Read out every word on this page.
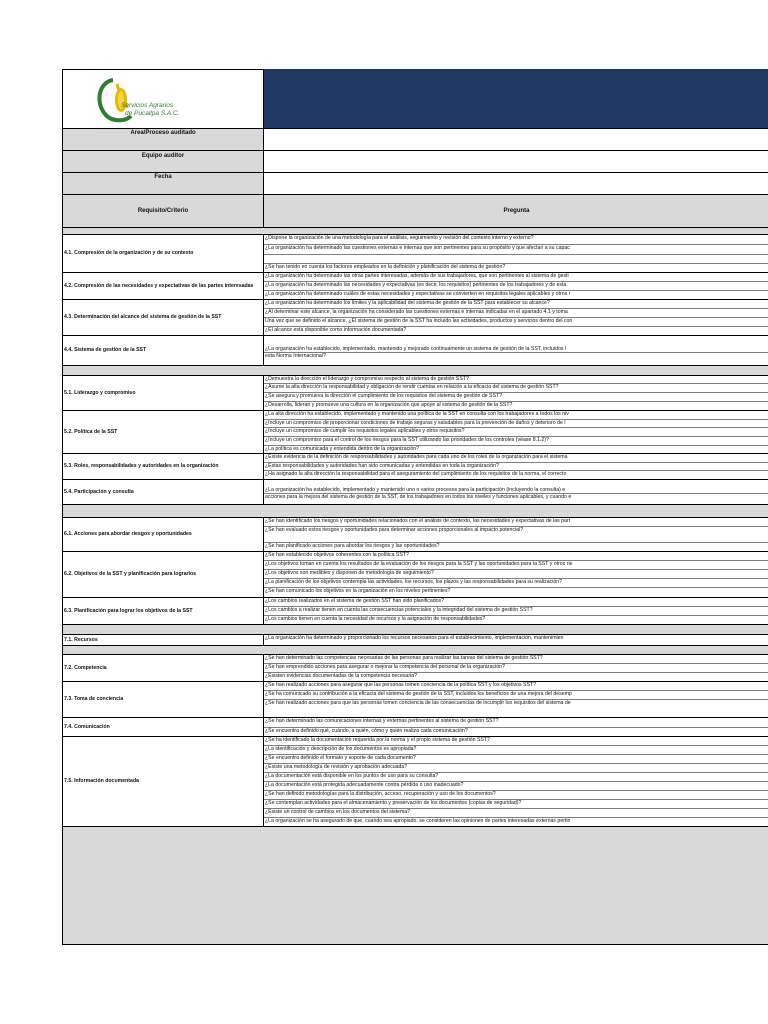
Servicios Agrarios
de Pucallpa S.A.C.
Area/Proceso auditado
Equipo auditor
Fecha
Requisito/Criterio	Pregunta
4.1. Compresión de la organización y de su contexto
¿Dispone la organización de una metodología para el análisis, seguimiento y revisión del contexto interno y externo?
¿La organización ha determinado las cuestiones externas e internas que son pertinentes para su propósito y que afectan a su capac
¿Se han tenido en cuenta los factores empleados en la definición y planificación del sistema de gestión?
4.2. Compresión de las necesidades y expectativas de las partes interesadas
¿La organización ha determinado las otras partes interesadas, además de sus trabajadores, que son pertinentes al sistema de gesti
¿La organización ha determinado las necesidades y expectativas (es decir, los requisitos) pertinentes de los trabajadores y de esta
¿La organización ha determinado cuáles de estas necesidades y expectativas se convierten en requisitos legales aplicables y otros r
4.3. Determinación del alcance del sistema de gestión de la SST
¿La organización ha determinado los límites y la aplicabilidad del sistema de gestión de la SST para establecer su alcance?
¿Al determinar este alcance, la organización ha considerado las cuestiones externas e internas indicadas en el apartado 4.1 y toma
Una vez que se definido el alcance, ¿El sistema de gestión de la SST ha incluido las actividades, productos y servicios dentro del con
¿El alcance esta disponible como información documentada?
4.4. Sistema de gestión de la SST	¿La organización ha establecido, implementado, mantenido y mejorado continuamente un sistema de gestión de la SST, incluidos l
esta Norma Internacional?
5.1. Liderazgo y compromiso
¿Demuestra la dirección el liderazgo y compromiso respecto al sistema de gestión SST?
¿Asume la alta dirección la responsabilidad y obligación de rendir cuentas en relación a la eficacia del sistema de gestión SST?
¿Se asegura y promueva la dirección el cumplimiento de los requisitos del sistema de gestión de SST?
¿Desarrolla, lideran y promueve una cultura en la organización que apoye al sistema de gestión de la SST?
5.2. Política de la SST
¿La alta dirección ha establecido, implementado y mantenido una política de la SST en consulta con los trabajadores a todos los niv
¿Incluye un compromiso de proporcionar condiciones de trabajo seguras y saludables para la prevención de daños y deterioro de l
¿Incluye un compromiso de cumplir los requisitos legales aplicables y otros requisitos?
¿Incluye un compromiso para el control de los riesgos para la SST utilizando las prioridades de los controles (véase 8.1.2)?
¿La política es comunicada y entendida dentro de la organización?
5.3. Roles, responsabilidades y autoridades en la organización
¿Existe evidencia de la definición de responsabilidades y autoridades para cada uno de los roles de la organización para el sistema
¿Estas responsabilidades y autoridades han sido comunicadas y entendidas en toda la organización?
¿Ha asignado la alta dirección la responsabilidad para el aseguramiento del cumplimiento de los requisitos de la norma, el correcto
5.4. Participación y consulta	¿La organización ha establecido, implementado y mantenido uno o varios procesos para la participación (incluyendo la consulta) e
acciones para la mejora del sistema de gestión de la SST, de los trabajadores en todos los niveles y funciones aplicables, y cuando e
6.1. Acciones para abordar riesgos y oportunidades
¿Se han identificado los riesgos y oportunidades relacionados con el análisis de contexto, las necesidades y expectativas de las part
¿Se han evaluado estos riesgos y oportunidades para determinar acciones proporcionales al impacto potencial?
¿Se han planificado acciones para abordar los riesgos y las oportunidades?
6.2. Objetivos de la SST y planificación para lograrlos
¿Se han establecido objetivos coherentes con la política SST?
¿Los objetivos toman en cuenta los resultados de la evaluación de los riesgos para la SST y las oportunidades para la SST y otros rie
¿Los objetivos son medibles y disponen de metodología de seguimiento?
¿La planificación de los objetivos contempla las actividades, los recursos, los plazos y las responsabilidades para su realización?
¿Se han comunicado los objetivos en la organización en los niveles pertinentes?
6.3. Planificación para lograr los objetivos de la SST
¿Los cambios realizados en el sistema de gestión SST han sido planificados?
¿Los cambios a realizar tienen en cuenta las consecuencias potenciales y la integridad del sistema de gestión SST?
¿Los cambios tienen en cuenta la necesidad de recursos y la asignación de responsabilidades?
7.1. Recursos	¿La organización ha determinado y proporcionado los recursos necesarios para el establecimiento, implementación, mantenimien
7.2. Competencia
¿Se han determinado las competencias necesarias de las personas para realizar las tareas del sistema de gestión SST?
¿Se han emprendido acciones para asegurar o mejorar la competencia del personal de la organización?
¿Existen evidencias documentadas de la competencia necesaria?
7.3. Toma de conciencia
¿Se han realizado acciones para asegurar que las personas tomen conciencia de la política SST y los objetivos SST?
¿Se ha comunicado su contribución a la eficacia del sistema de gestión de la SST, incluidos los beneficios de una mejora del desemp
¿Se han realizado acciones para que las personas tomen conciencia de las consecuencias de incumplir los requisitos del sistema de
7.4. Comunicación
¿Se han determinado las comunicaciones internas y externas pertinentes al sistema de gestión SST?
¿Se encuentra definido qué, cuándo, a quién, cómo y quién realiza cada comunicación?
7.5. Información documentada
¿Se ha identificado la documentación requerida por la norma y el propio sistema de gestión SST?
¿La identificación y descripción de los documentos es apropiada?
¿Se encuentra definido el formato y soporte de cada documento?
¿Existe una metodología de revisión y aprobación adecuada?
¿La documentación está disponible en los puntos de uso para su consulta?
¿La documentación está protegida adecuadamente contra pérdida o uso inadecuado?
¿Se han definido metodologías para la distribución, acceso, recuperación y uso de los documentos?
¿Se contemplan actividades para el almacenamiento y preservación de los documentos (copias de seguridad)?
¿Existe un control de cambios en los documentos del sistema?
¿La organización se ha asegurado de que, cuando sea apropiado, se consideren las opiniones de partes interesadas externas pertin
